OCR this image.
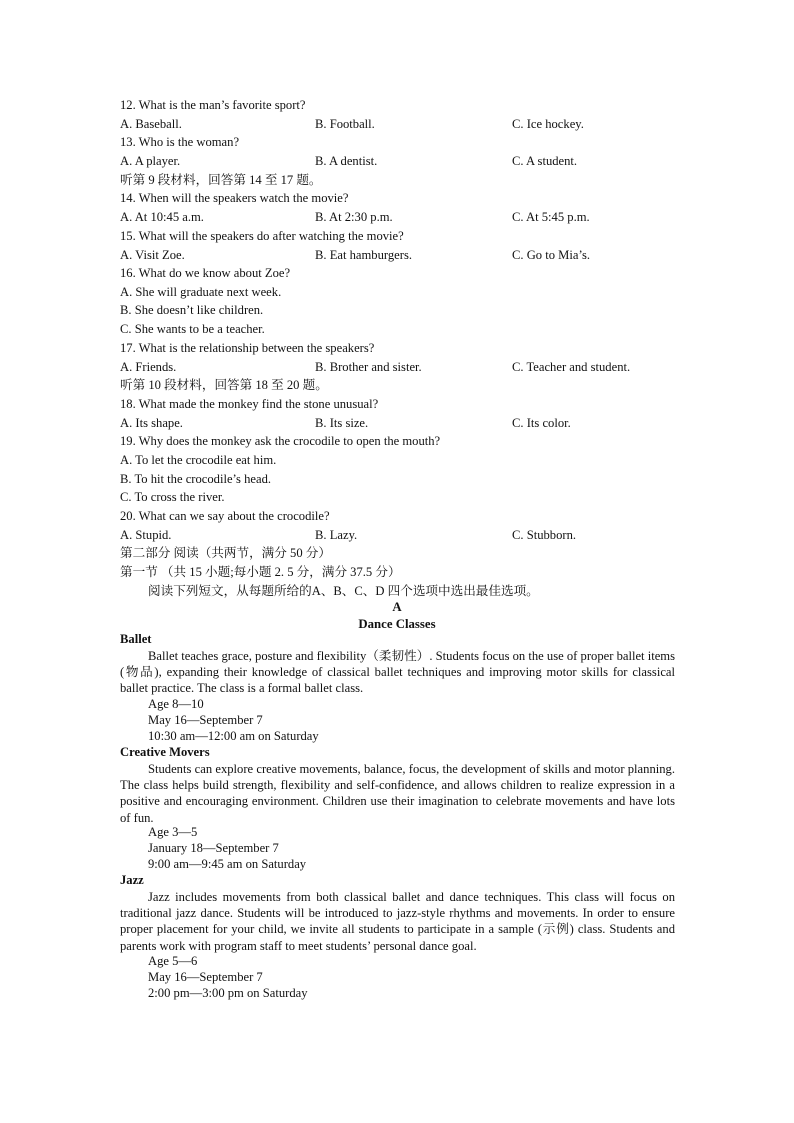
12. What is the man’s favorite sport?
A. Baseball.	B. Football.	C. Ice hockey.
13. Who is the woman?
A. A player.	B. A dentist.	C. A student.
听第 9 段材料，回答第 14 至 17 题。
14. When will the speakers watch the movie?
A. At 10:45 a.m.	B. At 2:30 p.m.	C. At 5:45 p.m.
15. What will the speakers do after watching the movie?
A. Visit Zoe.	B. Eat hamburgers.	C. Go to Mia’s.
16. What do we know about Zoe?
A. She will graduate next week.
B. She doesn’t like children.
C. She wants to be a teacher.
17. What is the relationship between the speakers?
A. Friends.	B. Brother and sister.	C. Teacher and student.
听第 10 段材料，回答第 18 至 20 题。
18. What made the monkey find the stone unusual?
A. Its shape.	B. Its size.	C. Its color.
19. Why does the monkey ask the crocodile to open the mouth?
A. To let the crocodile eat him.
B. To hit the crocodile’s head.
C. To cross the river.
20. What can we say about the crocodile?
A. Stupid.	B. Lazy.	C. Stubborn.
第二部分 阅读（共两节，满分 50 分）
第一节 （共 15 小题;每小题 2. 5 分，满分 37.5 分）
阅读下列短文，从每题所给的A、B、C、D 四个选项中选出最佳选项。
A
Dance Classes
Ballet
Ballet teaches grace, posture and flexibility（柔韧性）. Students focus on the use of proper ballet items (物品), expanding their knowledge of classical ballet techniques and improving motor skills for classical ballet practice. The class is a formal ballet class.
Age 8—10
May 16—September 7
10:30 am—12:00 am on Saturday
Creative Movers
Students can explore creative movements, balance, focus, the development of skills and motor planning. The class helps build strength, flexibility and self-confidence, and allows children to realize expression in a positive and encouraging environment. Children use their imagination to celebrate movements and have lots of fun.
Age 3—5
January 18—September 7
9:00 am—9:45 am on Saturday
Jazz
Jazz includes movements from both classical ballet and dance techniques. This class will focus on traditional jazz dance. Students will be introduced to jazz-style rhythms and movements. In order to ensure proper placement for your child, we invite all students to participate in a sample (示例) class. Students and parents work with program staff to meet students’ personal dance goal.
Age 5—6
May 16—September 7
2:00 pm—3:00 pm on Saturday
